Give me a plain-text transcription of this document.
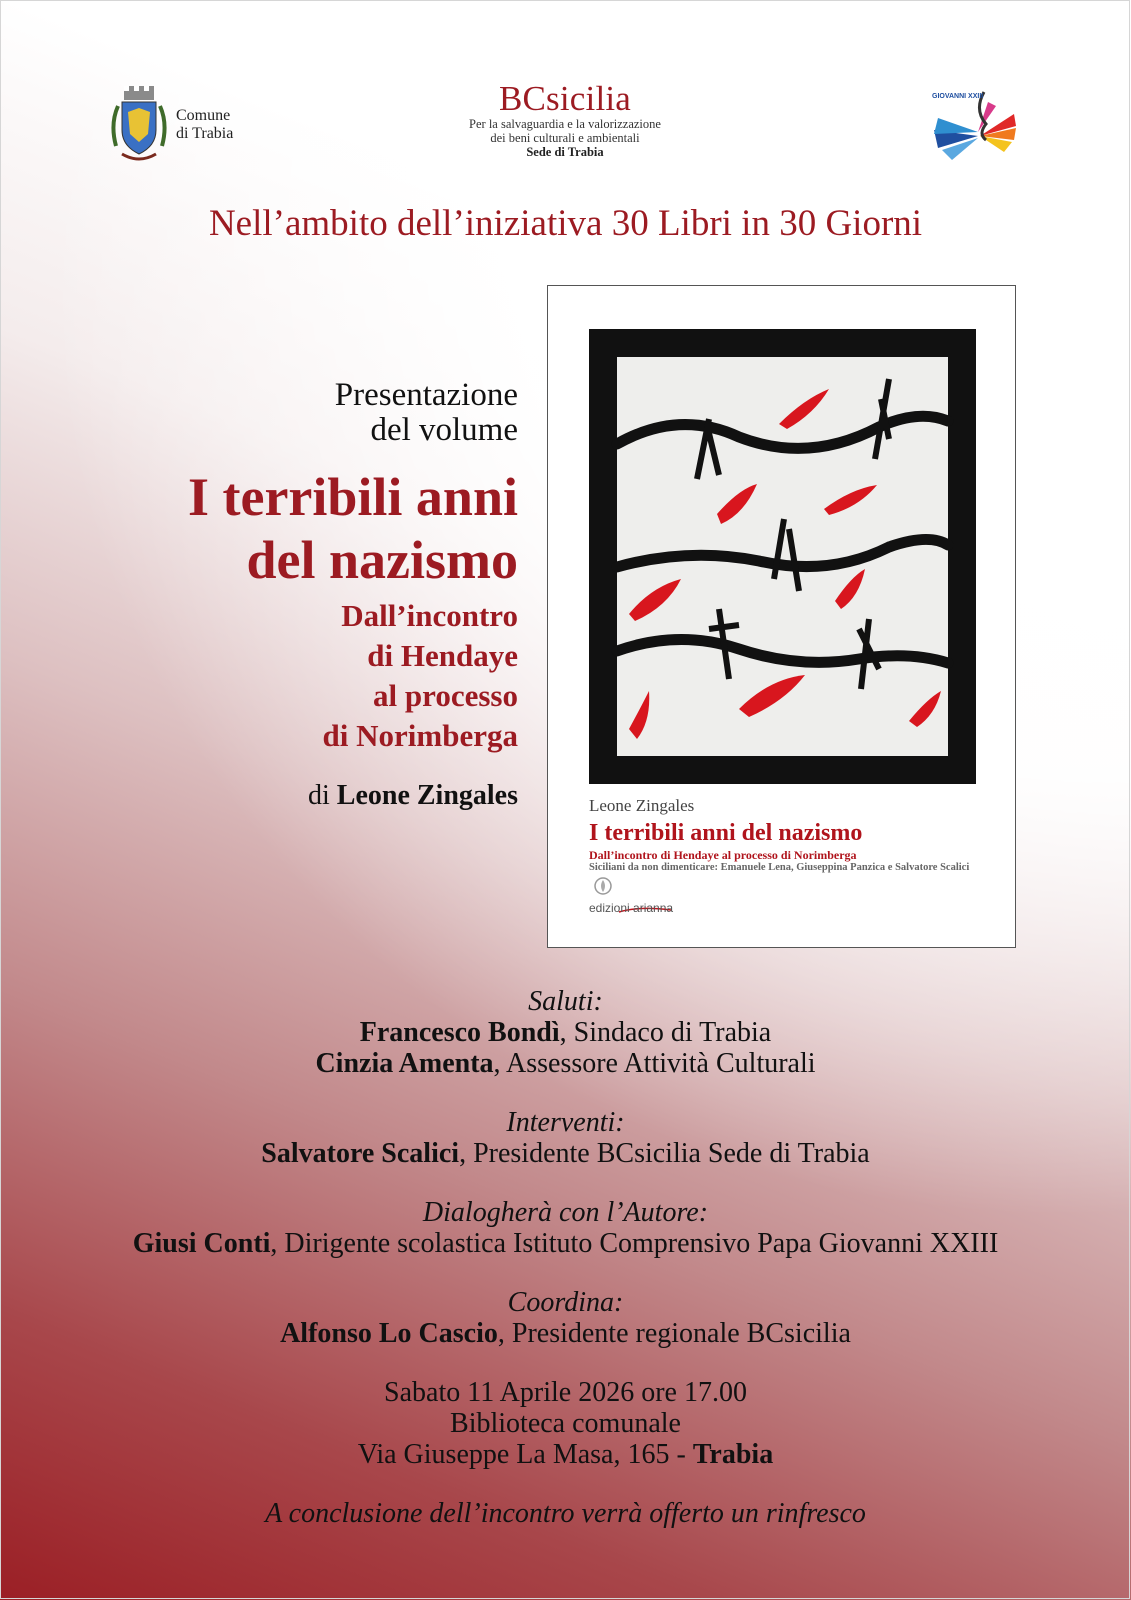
Comune
di Trabia
BCsicilia
Per la salvaguardia e la valorizzazione
dei beni culturali e ambientali
Sede di Trabia
GIOVANNI XXIII
Nell’ambito dell’iniziativa 30 Libri in 30 Giorni
Presentazione
del volume
I terribili anni
del nazismo
Dall’incontro
di Hendaye
al processo
di Norimberga
di Leone Zingales	Leone Zingales
I terribili anni del nazismo
Dall’incontro di Hendaye al processo di Norimberga
Siciliani da non dimenticare: Emanuele Lena, Giuseppina Panzica e Salvatore Scalici
edizioni arianna
Saluti:
Francesco Bondì, Sindaco di Trabia
Cinzia Amenta, Assessore Attività Culturali
Interventi:
Salvatore Scalici, Presidente BCsicilia Sede di Trabia
Dialogherà con l’Autore:
Giusi Conti, Dirigente scolastica Istituto Comprensivo Papa Giovanni XXIII
Coordina:
Alfonso Lo Cascio, Presidente regionale BCsicilia
Sabato 11 Aprile 2026 ore 17.00
Biblioteca comunale
Via Giuseppe La Masa, 165 - Trabia
A conclusione dell’incontro verrà offerto un rinfresco
